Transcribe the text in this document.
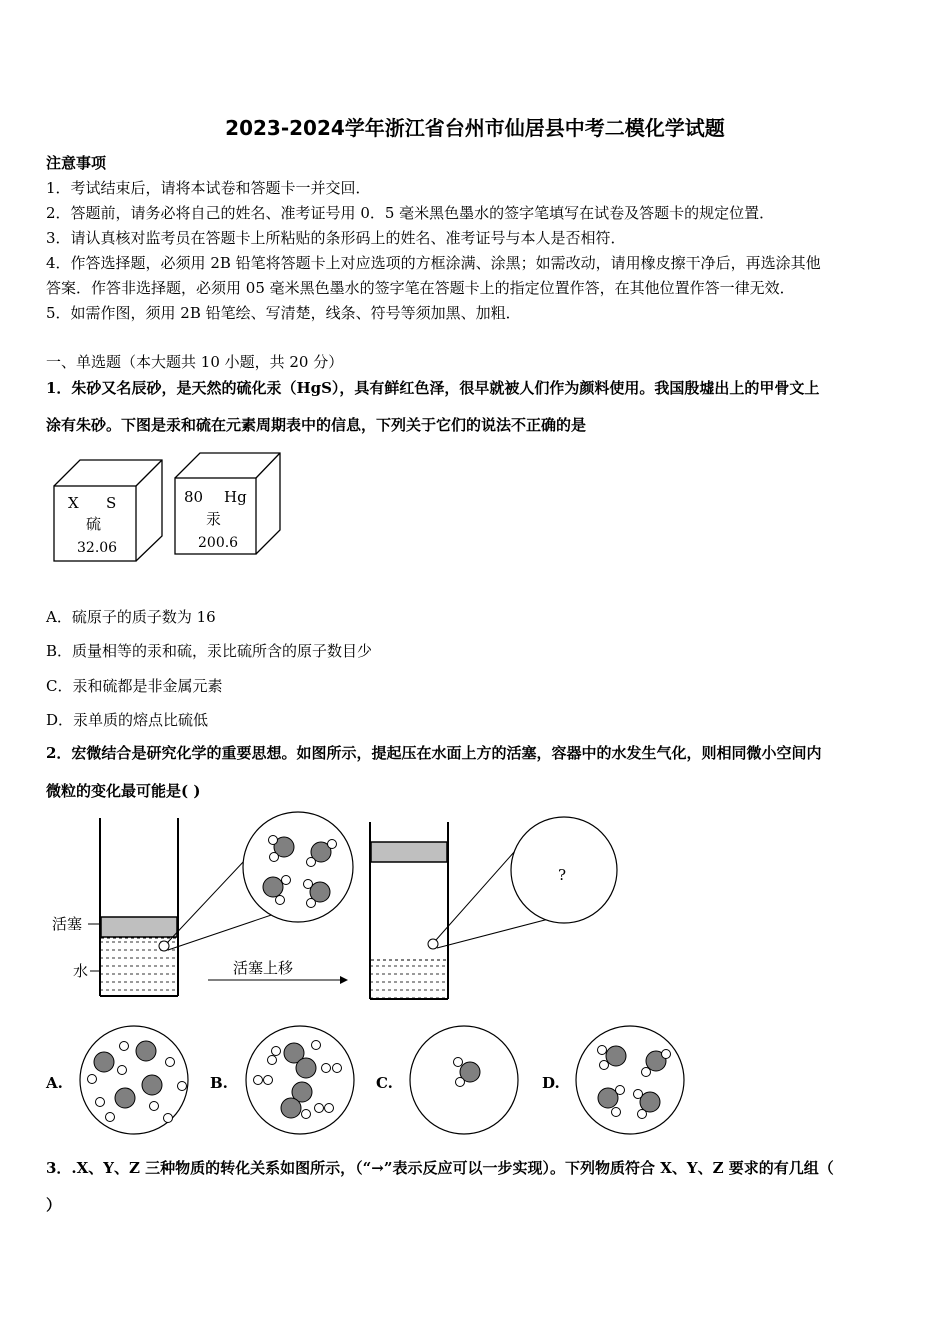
2023-2024学年浙江省台州市仙居县中考二模化学试题
注意事项
1．考试结束后，请将本试卷和答题卡一并交回．
2．答题前，请务必将自己的姓名、准考证号用 0．5 毫米黑色墨水的签字笔填写在试卷及答题卡的规定位置．
3．请认真核对监考员在答题卡上所粘贴的条形码上的姓名、准考证号与本人是否相符．
4．作答选择题，必须用 2B 铅笔将答题卡上对应选项的方框涂满、涂黑；如需改动，请用橡皮擦干净后，再选涂其他
答案．作答非选择题，必须用 05 毫米黑色墨水的签字笔在答题卡上的指定位置作答，在其他位置作答一律无效．
5．如需作图，须用 2B 铅笔绘、写清楚，线条、符号等须加黑、加粗．
一、单选题（本大题共 10 小题，共 20 分）
1．朱砂又名辰砂，是天然的硫化汞（HgS），具有鲜红色泽，很早就被人们作为颜料使用。我国殷墟出上的甲骨文上
涂有朱砂。下图是汞和硫在元素周期表中的信息，下列关于它们的说法不正确的是
X S
硫
32.06
80 Hg
汞
200.6
A．硫原子的质子数为 16
B．质量相等的汞和硫，汞比硫所含的原子数目少
C．汞和硫都是非金属元素
D．汞单质的熔点比硫低
2．宏微结合是研究化学的重要思想。如图所示，提起压在水面上方的活塞，容器中的水发生气化，则相同微小空间内
微粒的变化最可能是( )
活塞
水	活塞上移
?
A.	B.	C.	D.
3．.X、Y、Z 三种物质的转化关系如图所示，（“→”表示反应可以一步实现）。下列物质符合 X、Y、Z 要求的有几组（
）
